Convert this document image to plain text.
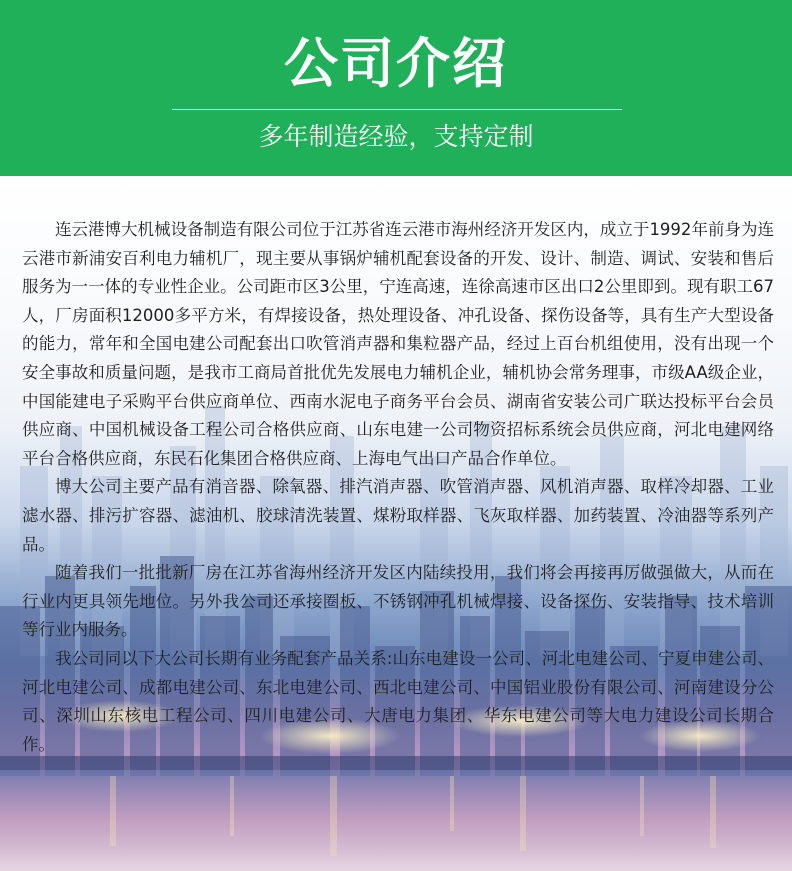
公司介绍
多年制造经验，支持定制

连云港博大机械设备制造有限公司位于江苏省连云港市海州经济开发区内，成立于1992年前身为连云港市新浦安百利电力辅机厂，现主要从事锅炉辅机配套设备的开发、设计、制造、调试、安装和售后服务为一一体的专业性企业。公司距市区3公里，宁连高速，连徐高速市区出口2公里即到。现有职工67人，厂房面积12000多平方米，有焊接设备，热处理设备、冲孔设备、探伤设备等，具有生产大型设备的能力，常年和全国电建公司配套出口吹管消声器和集粒器产品，经过上百台机组使用，没有出现一个安全事故和质量问题，是我市工商局首批优先发展电力辅机企业，辅机协会常务理事，市级AA级企业，中国能建电子采购平台供应商单位、西南水泥电子商务平台会员、湖南省安装公司广联达投标平台会员供应商、中国机械设备工程公司合格供应商、山东电建一公司物资招标系统会员供应商，河北电建网络平台合格供应商，东民石化集团合格供应商、上海电气出口产品合作单位。

博大公司主要产品有消音器、除氧器、排汽消声器、吹管消声器、风机消声器、取样冷却器、工业滤水器、排污扩容器、滤油机、胶球清洗装置、煤粉取样器、飞灰取样器、加药装置、冷油器等系列产品。

随着我们一批批新厂房在江苏省海州经济开发区内陆续投用，我们将会再接再厉做强做大，从而在行业内更具领先地位。另外我公司还承接圈板、不锈钢冲孔机械焊接、设备探伤、安装指导、技术培训等行业内服务。

我公司同以下大公司长期有业务配套产品关系:山东电建设一公司、河北电建公司、宁夏申建公司、河北电建公司、成都电建公司、东北电建公司、西北电建公司、中国铝业股份有限公司、河南建设分公司、深圳山东核电工程公司、四川电建公司、大唐电力集团、华东电建公司等大电力建设公司长期合作。
